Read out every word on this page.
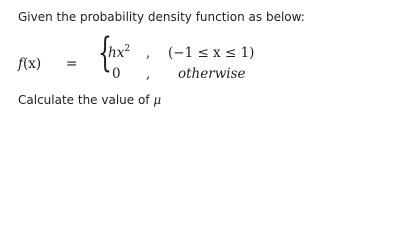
Given the probability density function as below:
f(x) = {
$hx^2$ , (−1 ≤ x ≤ 1)
0 , otherwise
Calculate the value of μ
